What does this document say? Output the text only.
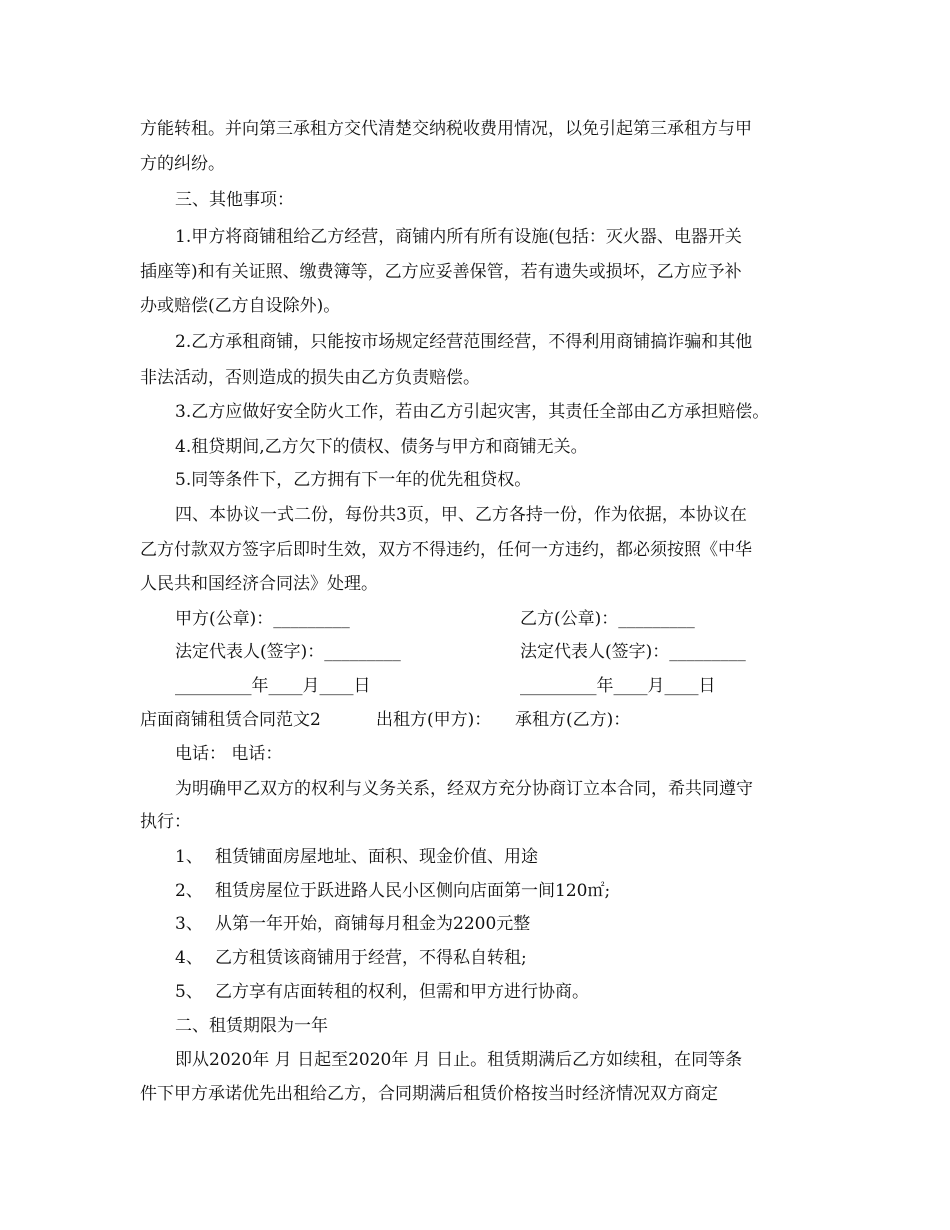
方能转租。并向第三承租方交代清楚交纳税收费用情况，以免引起第三承租方与甲
方的纠纷。
三、其他事项：
1.甲方将商铺租给乙方经营，商铺内所有所有设施(包括：灭火器、电器开关
插座等)和有关证照、缴费簿等，乙方应妥善保管，若有遗失或损坏，乙方应予补
办或赔偿(乙方自设除外)。
2.乙方承租商铺，只能按市场规定经营范围经营，不得利用商铺搞诈骗和其他
非法活动，否则造成的损失由乙方负责赔偿。
3.乙方应做好安全防火工作，若由乙方引起灾害，其责任全部由乙方承担赔偿。
4.租贷期间,乙方欠下的债权、债务与甲方和商铺无关。
5.同等条件下，乙方拥有下一年的优先租贷权。
四、本协议一式二份，每份共3页，甲、乙方各持一份，作为依据，本协议在
乙方付款双方签字后即时生效，双方不得违约，任何一方违约，都必须按照《中华
人民共和国经济合同法》处理。
甲方(公章)：_________	乙方(公章)：_________
法定代表人(签字)：_________	法定代表人(签字)：_________
_________年____月____日	_________年____月____日
店面商铺租赁合同范文2	出租方(甲方)： 承租方(乙方)：
电话： 电话：
为明确甲乙双方的权利与义务关系，经双方充分协商订立本合同，希共同遵守
执行：
1、 租赁铺面房屋地址、面积、现金价值、用途
2、 租赁房屋位于跃进路人民小区侧向店面第一间120㎡;
3、 从第一年开始，商铺每月租金为2200元整
4、 乙方租赁该商铺用于经营，不得私自转租;
5、 乙方享有店面转租的权利，但需和甲方进行协商。
二、租赁期限为一年
即从2020年 月 日起至2020年 月 日止。租赁期满后乙方如续租，在同等条
件下甲方承诺优先出租给乙方，合同期满后租赁价格按当时经济情况双方商定
